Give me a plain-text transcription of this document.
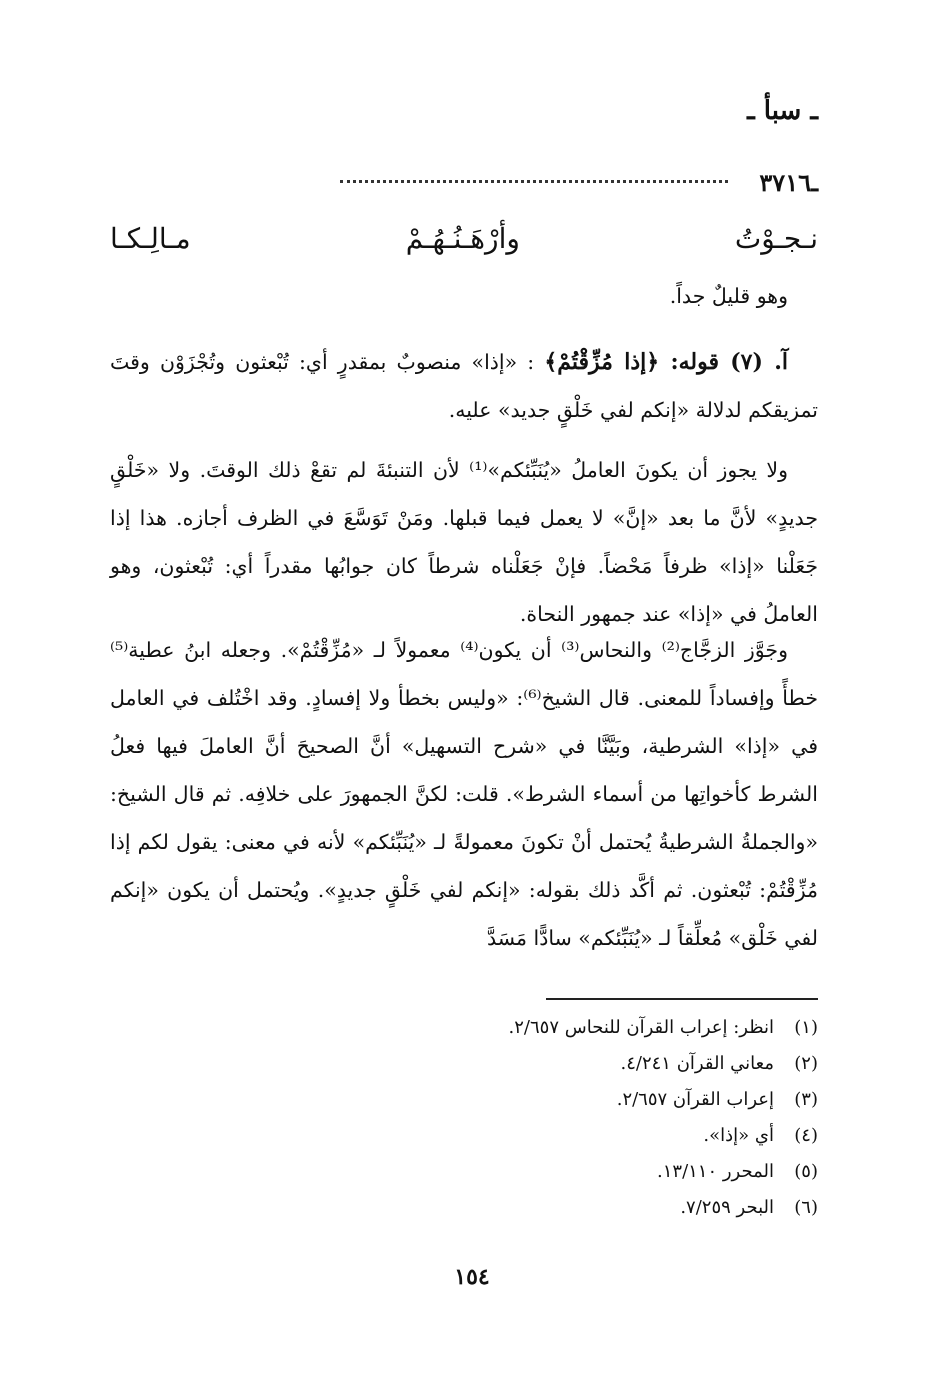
ـ سبأ ـ
ـ٣٧١٦
نـجـوْتُ
وأرْهَـنُـهُـمْ
مـالِـكـا

وهو قليلٌ جداً.

آ. (٧) قوله: ﴿إذا مُزِّقْتُمْ﴾ : «إذا» منصوبٌ بمقدرٍ أي: تُبْعثون وتُجْزَوْن وقتَ تمزيقكم لدلالة «إنكم لفي خَلْقٍ جديد» عليه.

ولا يجوز أن يكونَ العاملُ «يُنَبِّئكم»⁽¹⁾ لأن التنبئةَ لم تقعْ ذلك الوقتَ. ولا «خَلْقٍ جديدٍ» لأنَّ ما بعد «إنَّ» لا يعمل فيما قبلها. ومَنْ تَوَسَّعَ في الظرف أجازه. هذا إذا جَعَلْنا «إذا» ظرفاً مَحْضاً. فإنْ جَعَلْناه شرطاً كان جوابُها مقدراً أي: تُبْعثون، وهو العاملُ في «إذا» عند جمهور النحاة.

وجَوَّز الزجَّاج⁽²⁾ والنحاس⁽³⁾ أن يكون⁽⁴⁾ معمولاً لـ «مُزِّقْتُمْ». وجعله ابنُ عطية⁽⁵⁾ خطأً وإفساداً للمعنى. قال الشيخ⁽⁶⁾: «وليس بخطأ ولا إفسادٍ. وقد اخْتُلف في العامل في «إذا» الشرطية، وبَيَّنَّا في «شرح التسهيل» أنَّ الصحيحَ أنَّ العاملَ فيها فعلُ الشرط كأخواتِها من أسماء الشرط». قلت: لكنَّ الجمهورَ على خلافِه. ثم قال الشيخ: «والجملةُ الشرطيةُ يُحتمل أنْ تكونَ معمولةً لـ «يُنَبِّئكم» لأنه في معنى: يقول لكم إذا مُزِّقْتُمْ: تُبْعثون. ثم أكَّد ذلك بقوله: «إنكم لفي خَلْقٍ جديدٍ». ويُحتمل أن يكون «إنكم لفي خَلْق» مُعلِّقاً لـ «يُنَبِّئكم» سادًّا مَسَدَّ

(١)
انظر: إعراب القرآن للنحاس ٢/٦٥٧.
(٢)
معاني القرآن ٤/٢٤١.
(٣)
إعراب القرآن ٢/٦٥٧.
(٤)
أي «إذا».
(٥)
المحرر ١٣/١١٠.
(٦)
البحر ٧/٢٥٩.
١٥٤
